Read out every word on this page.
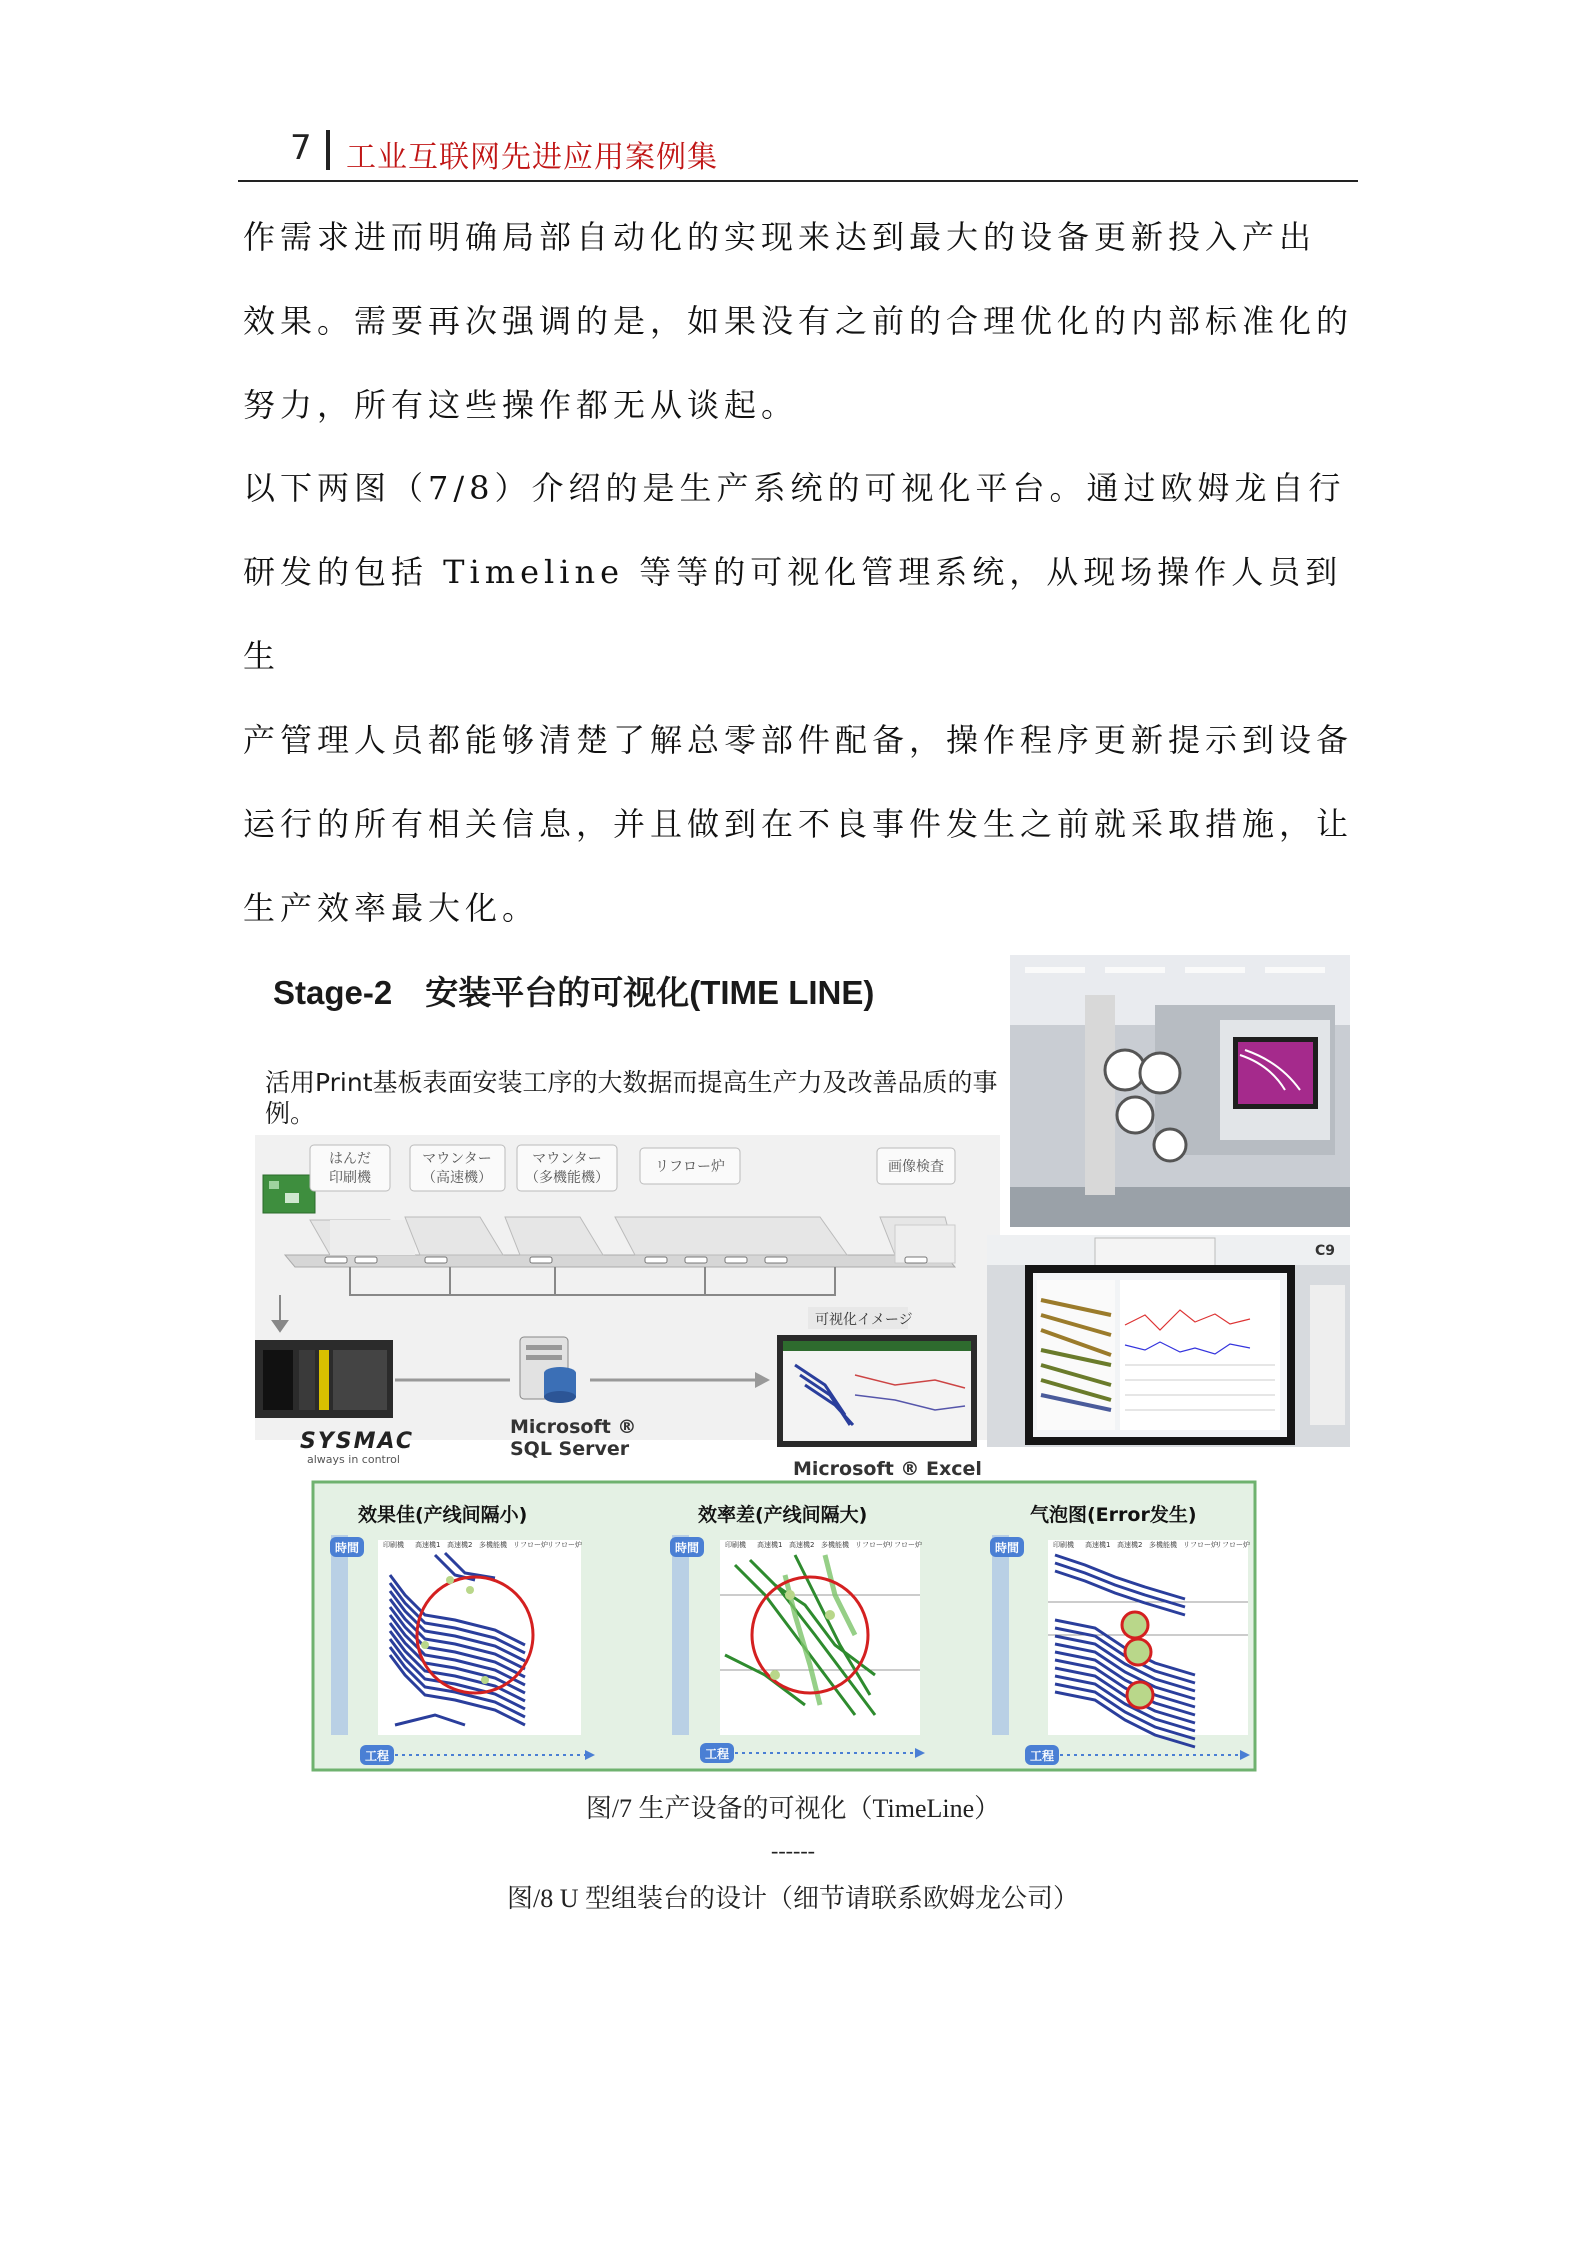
7 工业互联网先进应用案例集
作需求进而明确局部自动化的实现来达到最大的设备更新投入产出
效果。需要再次强调的是，如果没有之前的合理优化的内部标准化的
努力，所有这些操作都无从谈起。
以下两图（7/8）介绍的是生产系统的可视化平台。通过欧姆龙自行
研发的包括 Timeline 等等的可视化管理系统，从现场操作人员到生
产管理人员都能够清楚了解总零部件配备，操作程序更新提示到设备
运行的所有相关信息，并且做到在不良事件发生之前就采取措施，让
生产效率最大化。
Stage-2　安装平台的可视化(TIME LINE)
活用Print基板表面安装工序的大数据而提高生产力及改善品质的事例。
はんだ
印刷機
マウンター
（高速機）
マウンター
（多機能機）
リフロー炉	画像検査
SYSMAC
always in control
Microsoft ®
SQL Server
可视化イメージ
Microsoft ® Excel
C9
效果佳(产线间隔小)	效率差(产线间隔大)	气泡图(Error发生)
時間	印刷機 高速機1 高速機2 多機能機 リフロー炉 リフロー炉	時間	印刷機 高速機1 高速機2 多機能機 リフロー炉
リフロー炉	時間	印刷機 高速機1 高速機2 多機能機 リフロー炉
リフロー炉
工程	工程	工程
图/7 生产设备的可视化（TimeLine）
------
图/8 U 型组装台的设计（细节请联系欧姆龙公司）
